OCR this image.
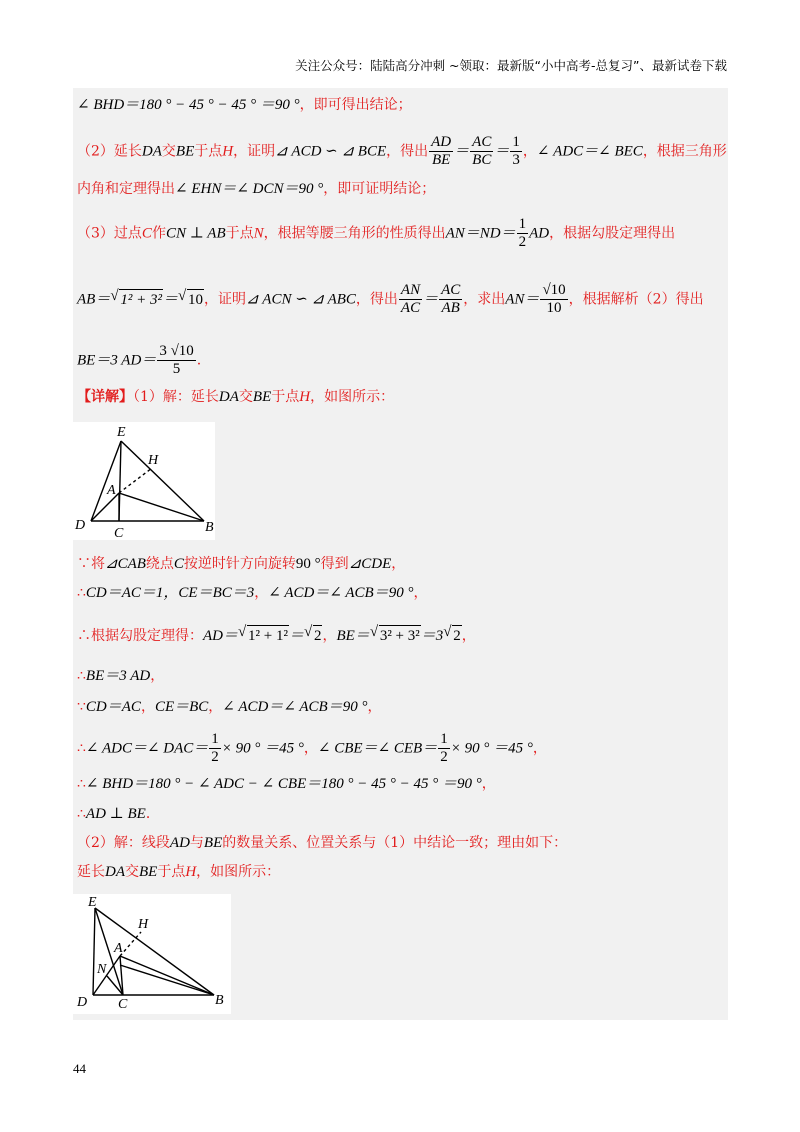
关注公众号：陆陆高分冲刺 ~领取：最新版“小中高考-总复习”、最新试卷下载
∠ BHD＝180 ° − 45 ° − 45 ° ＝90 °，即可得出结论；
（2）延长DA交BE于点H，证明⊿ ACD ∽ ⊿ BCE，得出 $\frac{AD}{BE} = \frac{AC}{BC} = \frac{1}{3}$ ，∠ ADC＝∠ BEC，根据三角形
内角和定理得出∠ EHN＝∠ DCN＝90 °，即可证明结论；
（3）过点C作CN ⊥ AB于点N，根据等腰三角形的性质得出$AN=ND= \frac{1}{2}$ AD，根据勾股定理得出
AB＝ √ 1² + 3²＝ √ 10，证明⊿ ACN ∽ ⊿ ABC，得出 $\frac{AN}{AC} = \frac{AC}{AB}$ ，求出$AN= \frac{√10}{10}$ ，根据解析（2）得出
BE＝3 $AD= \frac{3 √10}{5}$ .
【详解】（1）解：延长DA交BE于点H，如图所示：
E
H
A
D
C	B
∵将⊿CAB绕点C按逆时针方向旋转90 °得到⊿CDE，
∴CD＝AC＝1，CE＝BC＝3，∠ ACD＝∠ ACB＝90 °，
∴根据勾股定理得：AD＝ √ 1² + 1²＝ √ 2，BE＝ √ 3² + 3²＝3 √ 2，
∴BE＝3 AD，
∵CD＝AC，CE＝BC，∠ ACD＝∠ ACB＝90 °，
∴∠ ADC＝∠ $DAC= \frac{1}{2} \times 90$ ° ＝45 °，∠ CBE＝∠ $CEB= \frac{1}{2} \times 90$ ° ＝45 °，
∴∠ BHD＝180 ° − ∠ ADC − ∠ CBE＝180 ° − 45 ° − 45 ° ＝90 °，
∴AD ⊥ BE．
（2）解：线段AD与BE的数量关系、位置关系与（1）中结论一致；理由如下：
延长DA交BE于点H，如图所示：
E
H
A
N
D C	B
44
